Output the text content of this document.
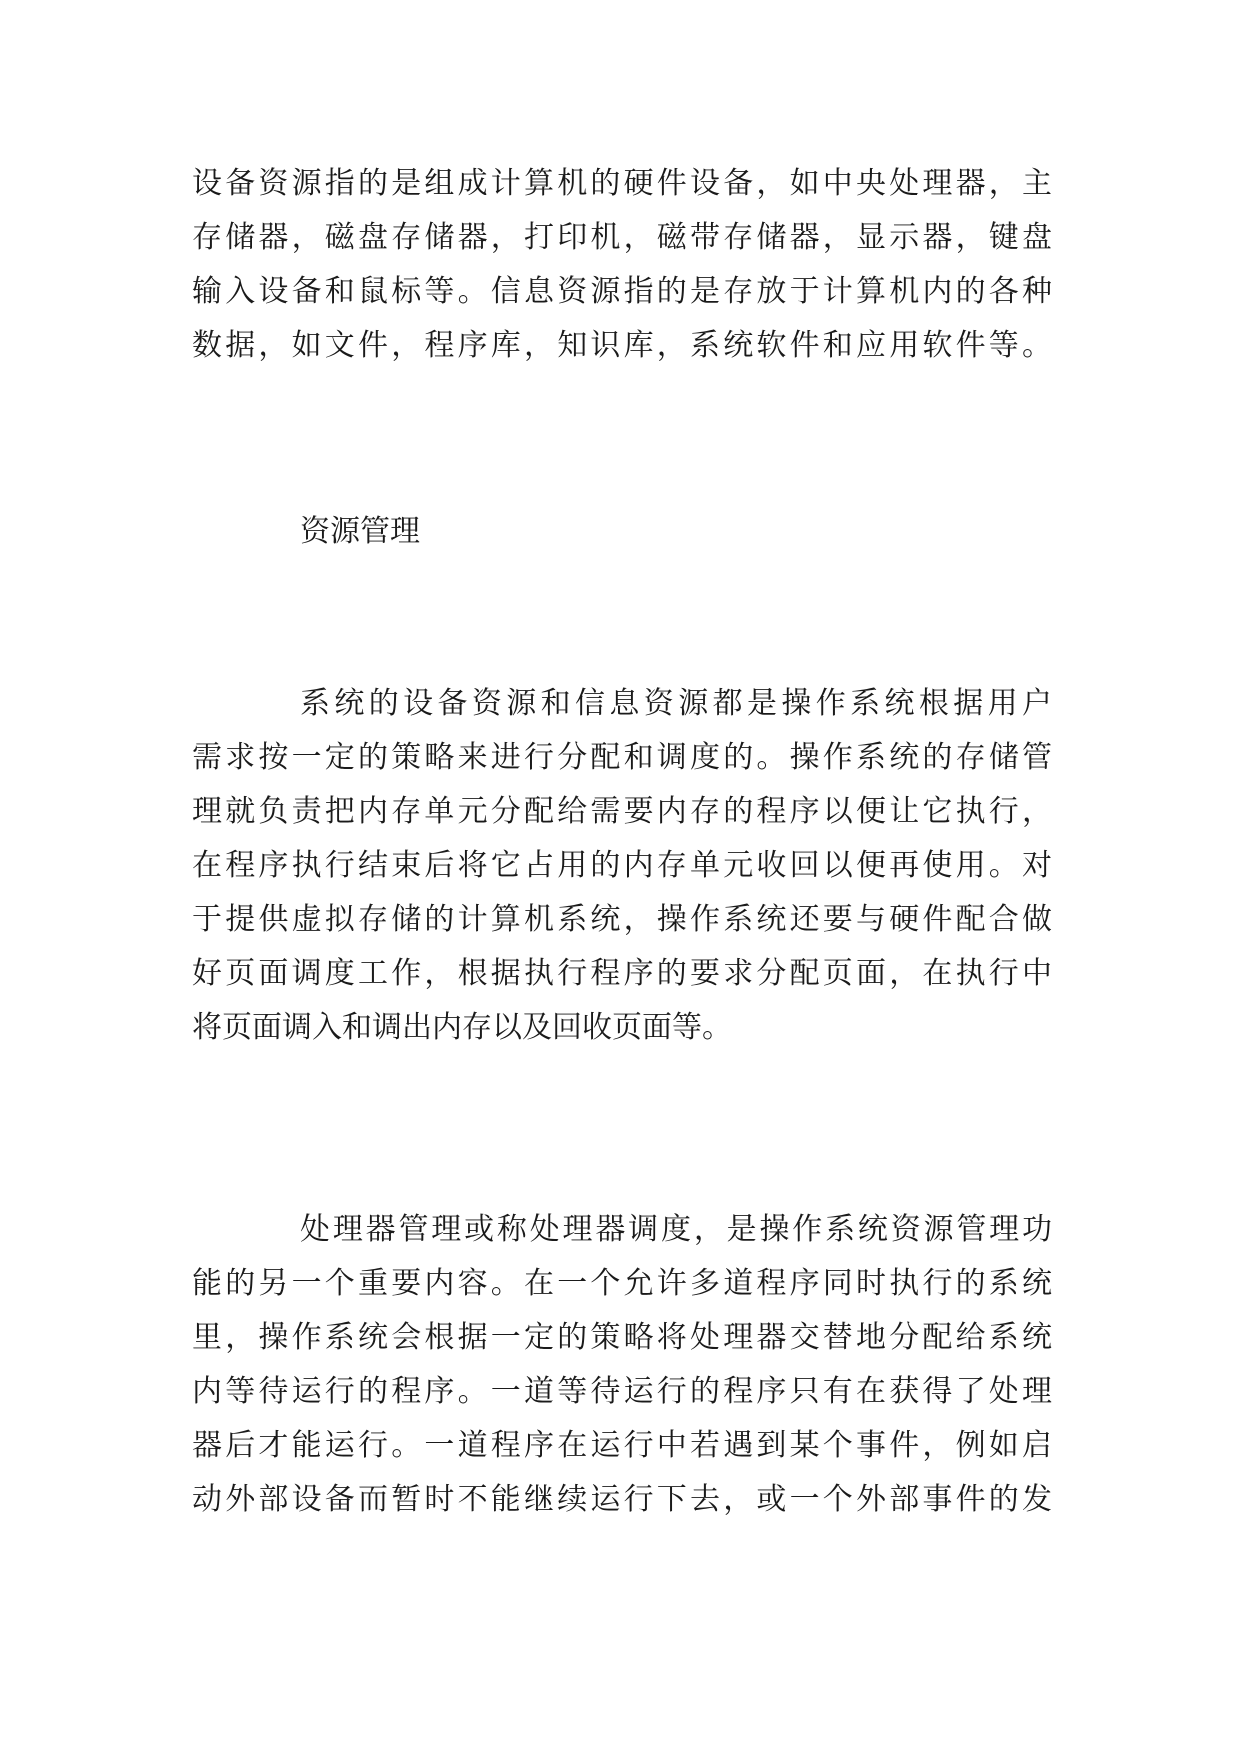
设备资源指的是组成计算机的硬件设备，如中央处理器，主
存储器，磁盘存储器，打印机，磁带存储器，显示器，键盘
输入设备和鼠标等。信息资源指的是存放于计算机内的各种
数据，如文件，程序库，知识库，系统软件和应用软件等。
资源管理
系统的设备资源和信息资源都是操作系统根据用户
需求按一定的策略来进行分配和调度的。操作系统的存储管
理就负责把内存单元分配给需要内存的程序以便让它执行，
在程序执行结束后将它占用的内存单元收回以便再使用。对
于提供虚拟存储的计算机系统，操作系统还要与硬件配合做
好页面调度工作，根据执行程序的要求分配页面，在执行中
将页面调入和调出内存以及回收页面等。
处理器管理或称处理器调度，是操作系统资源管理功
能的另一个重要内容。在一个允许多道程序同时执行的系统
里，操作系统会根据一定的策略将处理器交替地分配给系统
内等待运行的程序。一道等待运行的程序只有在获得了处理
器后才能运行。一道程序在运行中若遇到某个事件，例如启
动外部设备而暂时不能继续运行下去，或一个外部事件的发
